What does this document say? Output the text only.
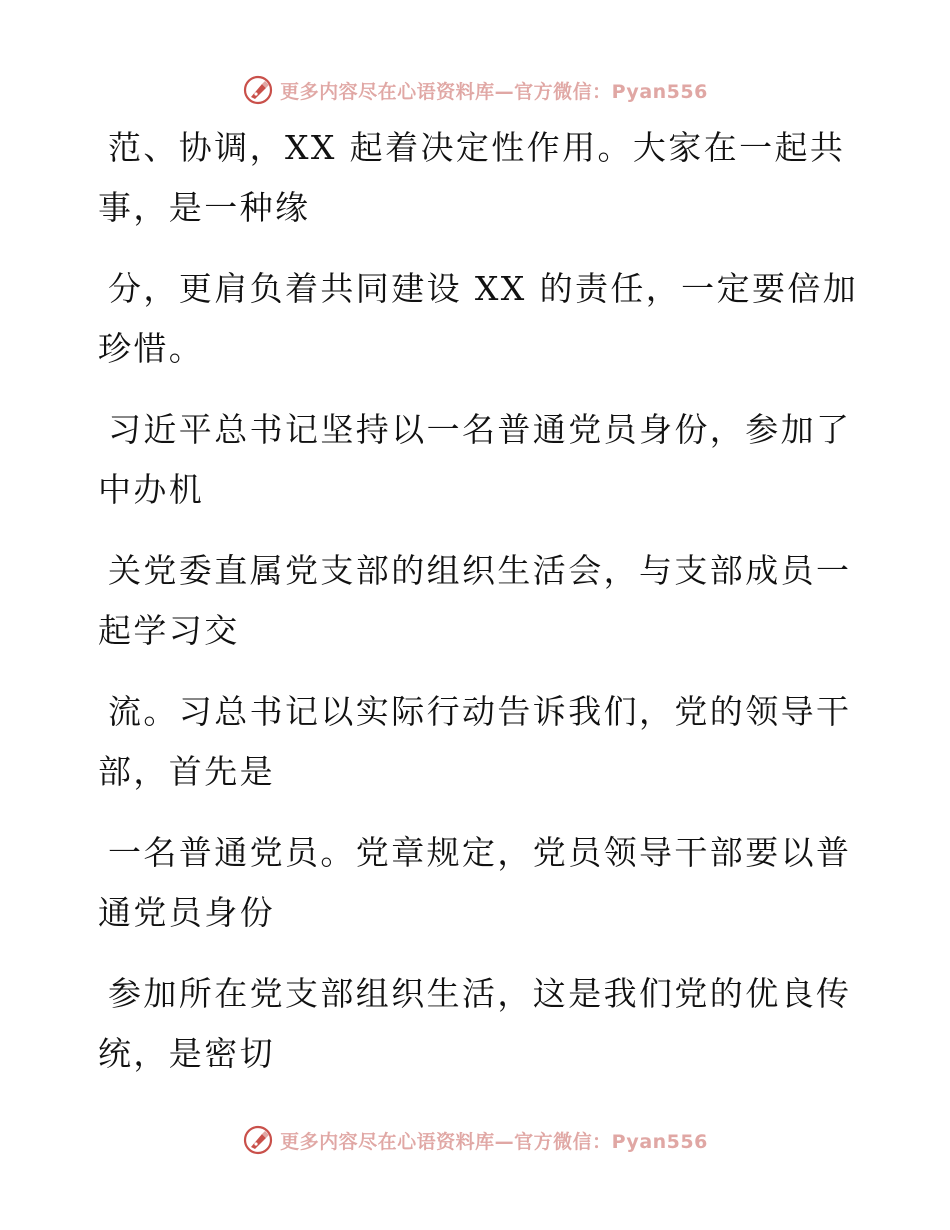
更多内容尽在心语资料库—官方微信：Pyan556
范、协调，XX 起着决定性作用。大家在一起共
事，是一种缘
分，更肩负着共同建设 XX 的责任，一定要倍加
珍惜。
习近平总书记坚持以一名普通党员身份，参加了
中办机
关党委直属党支部的组织生活会，与支部成员一
起学习交
流。习总书记以实际行动告诉我们，党的领导干
部，首先是
一名普通党员。党章规定，党员领导干部要以普
通党员身份
参加所在党支部组织生活，这是我们党的优良传
统，是密切
更多内容尽在心语资料库—官方微信：Pyan556
